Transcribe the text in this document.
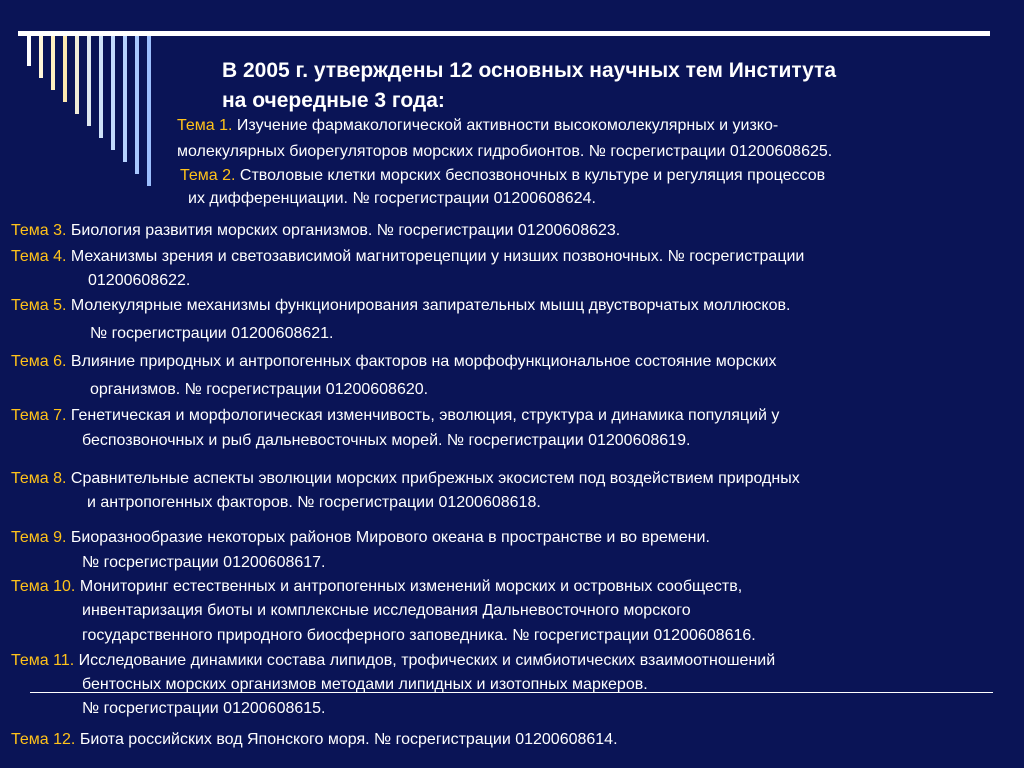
В 2005 г. утверждены 12 основных научных тем Института
на очередные 3 года:

Тема 1. Изучение фармакологической активности высокомолекулярных и уизко-

молекулярных биорегуляторов морских гидробионтов. № госрегистрации 01200608625.

Тема 2. Стволовые клетки морских беспозвоночных в культуре и регуляция процессов

их дифференциации. № госрегистрации 01200608624.

Тема 3. Биология развития морских организмов. № госрегистрации 01200608623.

Тема 4. Механизмы зрения и светозависимой магниторецепции у низших позвоночных. № госрегистрации

01200608622.

Тема 5. Молекулярные механизмы функционирования запирательных мышц двустворчатых моллюсков.

№ госрегистрации 01200608621.

Тема 6. Влияние природных и антропогенных факторов на морфофункциональное состояние морских

организмов. № госрегистрации 01200608620.

Тема 7. Генетическая и морфологическая изменчивость, эволюция, структура и динамика популяций у

беспозвоночных и рыб дальневосточных морей. № госрегистрации 01200608619.

Тема 8. Сравнительные аспекты эволюции морских прибрежных экосистем под воздействием природных

и антропогенных факторов. № госрегистрации 01200608618.

Тема 9. Биоразнообразие некоторых районов Мирового океана в пространстве и во времени.

№ госрегистрации 01200608617.

Тема 10. Мониторинг естественных и антропогенных изменений морских и островных сообществ,

инвентаризация биоты и комплексные исследования Дальневосточного морского

государственного природного биосферного заповедника. № госрегистрации 01200608616.

Тема 11. Исследование динамики состава липидов, трофических и симбиотических взаимоотношений

бентосных морских организмов методами липидных и изотопных маркеров.

№ госрегистрации 01200608615.

Тема 12. Биота российских вод Японского моря. № госрегистрации 01200608614.
